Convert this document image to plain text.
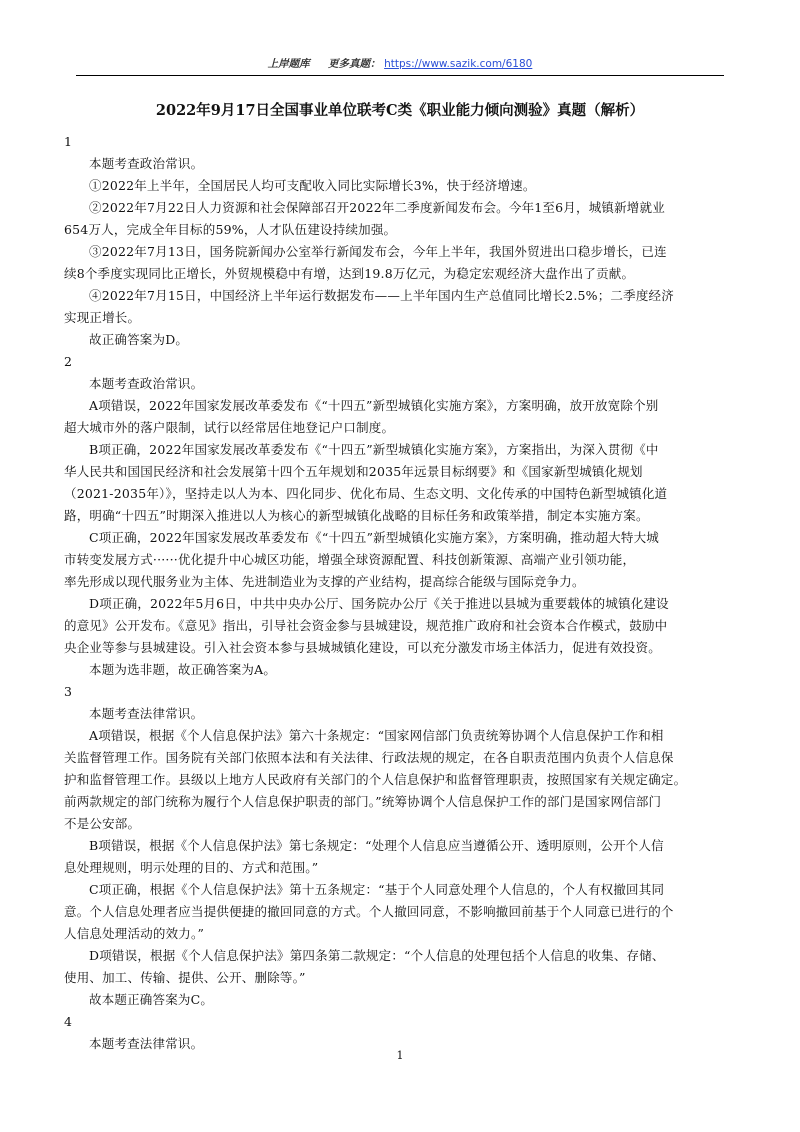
上岸题库 更多真题： https://www.sazik.com/6180
2022年9月17日全国事业单位联考C类《职业能力倾向测验》真题（解析）
1
本题考查政治常识。
①2022年上半年，全国居民人均可支配收入同比实际增长3%，快于经济增速。
②2022年7月22日人力资源和社会保障部召开2022年二季度新闻发布会。今年1至6月，城镇新增就业
654万人，完成全年目标的59%，人才队伍建设持续加强。
③2022年7月13日，国务院新闻办公室举行新闻发布会，今年上半年，我国外贸进出口稳步增长，已连
续8个季度实现同比正增长，外贸规模稳中有增，达到19.8万亿元，为稳定宏观经济大盘作出了贡献。
④2022年7月15日，中国经济上半年运行数据发布——上半年国内生产总值同比增长2.5%；二季度经济
实现正增长。
故正确答案为D。
2
本题考查政治常识。
A项错误，2022年国家发展改革委发布《“十四五”新型城镇化实施方案》，方案明确，放开放宽除个别
超大城市外的落户限制，试行以经常居住地登记户口制度。
B项正确，2022年国家发展改革委发布《“十四五”新型城镇化实施方案》，方案指出，为深入贯彻《中
华人民共和国国民经济和社会发展第十四个五年规划和2035年远景目标纲要》和《国家新型城镇化规划
（2021-2035年）》，坚持走以人为本、四化同步、优化布局、生态文明、文化传承的中国特色新型城镇化道
路，明确“十四五”时期深入推进以人为核心的新型城镇化战略的目标任务和政策举措，制定本实施方案。
C项正确，2022年国家发展改革委发布《“十四五”新型城镇化实施方案》，方案明确，推动超大特大城
市转变发展方式······优化提升中心城区功能，增强全球资源配置、科技创新策源、高端产业引领功能，
率先形成以现代服务业为主体、先进制造业为支撑的产业结构，提高综合能级与国际竞争力。
D项正确，2022年5月6日，中共中央办公厅、国务院办公厅《关于推进以县城为重要载体的城镇化建设
的意见》公开发布。《意见》指出，引导社会资金参与县城建设，规范推广政府和社会资本合作模式，鼓励中
央企业等参与县城建设。引入社会资本参与县城城镇化建设，可以充分激发市场主体活力，促进有效投资。
本题为选非题，故正确答案为A。
3
本题考查法律常识。
A项错误，根据《个人信息保护法》第六十条规定：“国家网信部门负责统筹协调个人信息保护工作和相
关监督管理工作。国务院有关部门依照本法和有关法律、行政法规的规定，在各自职责范围内负责个人信息保
护和监督管理工作。县级以上地方人民政府有关部门的个人信息保护和监督管理职责，按照国家有关规定确定。
前两款规定的部门统称为履行个人信息保护职责的部门。”统筹协调个人信息保护工作的部门是国家网信部门
不是公安部。
B项错误，根据《个人信息保护法》第七条规定：“处理个人信息应当遵循公开、透明原则，公开个人信
息处理规则，明示处理的目的、方式和范围。”
C项正确，根据《个人信息保护法》第十五条规定：“基于个人同意处理个人信息的，个人有权撤回其同
意。个人信息处理者应当提供便捷的撤回同意的方式。个人撤回同意，不影响撤回前基于个人同意已进行的个
人信息处理活动的效力。”
D项错误，根据《个人信息保护法》第四条第二款规定：“个人信息的处理包括个人信息的收集、存储、
使用、加工、传输、提供、公开、删除等。”
故本题正确答案为C。
4
本题考查法律常识。
1
